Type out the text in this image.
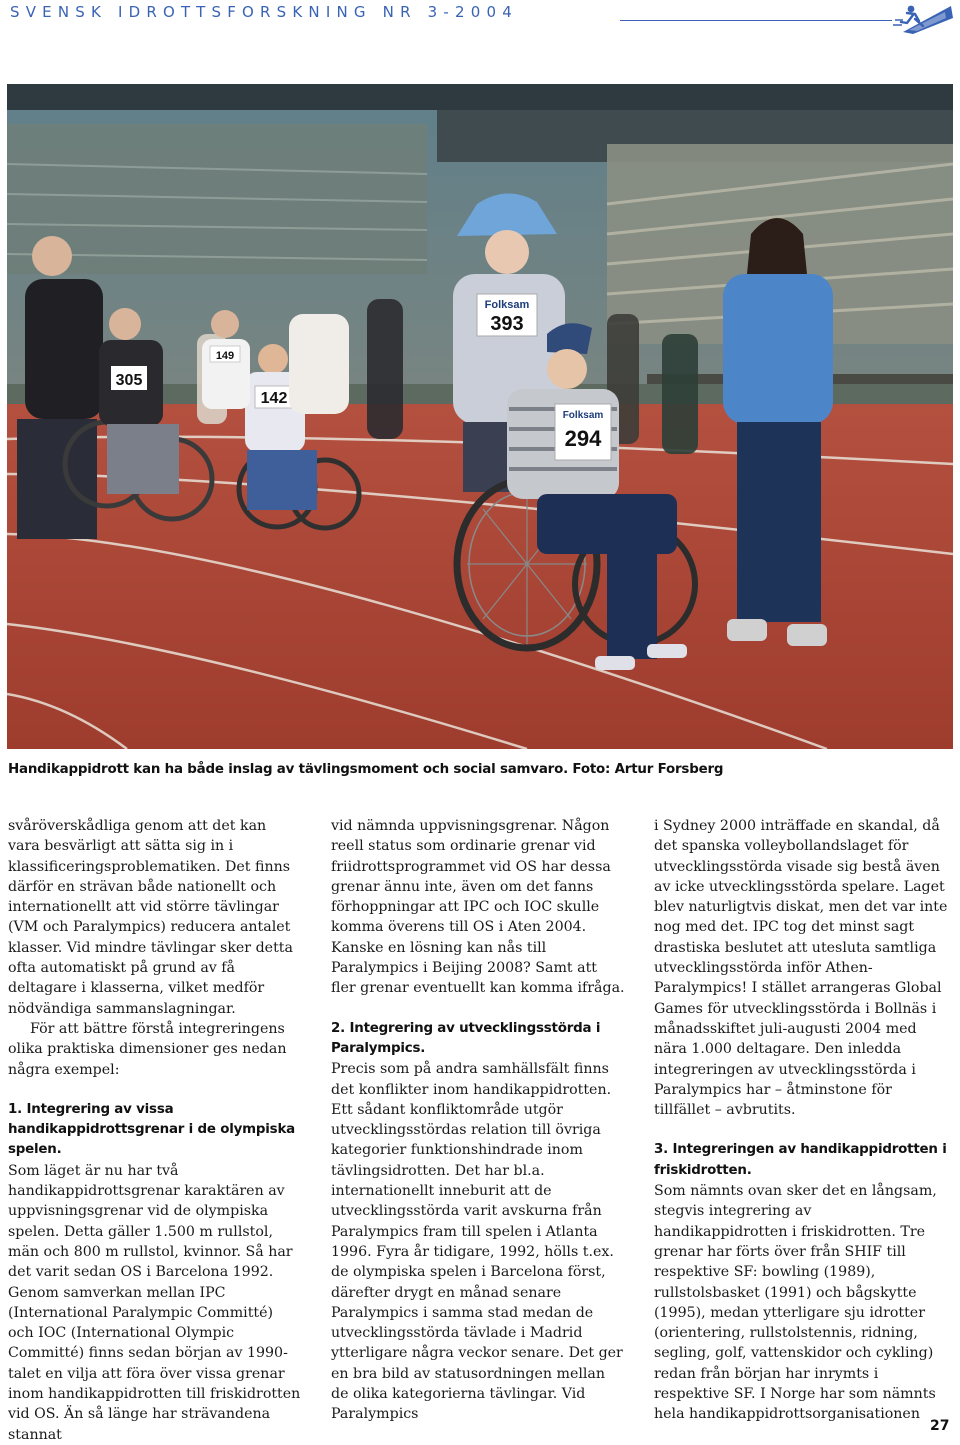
SVENSK IDROTTSFORSKNING NR 3-2004
305
142
149
Folksam
393
Folksam
294
Handikappidrott kan ha både inslag av tävlingsmoment och social samvaro. Foto: Artur Forsberg

svåröverskådliga genom att det kan vara besvärligt att sätta sig in i klassificeringsproblematiken. Det finns därför en strävan både nationellt och internationellt att vid större tävlingar (VM och Paralympics) reducera antalet klasser. Vid mindre tävlingar sker detta ofta automatiskt på grund av få deltagare i klasserna, vilket medför nödvändiga sammanslagningar.

För att bättre förstå integreringens olika praktiska dimensioner ges nedan några exempel:

1. Integrering av vissa handikappidrottsgrenar i de olympiska spelen.

Som läget är nu har två handikappidrottsgrenar karaktären av uppvisningsgrenar vid de olympiska spelen. Detta gäller 1.500 m rullstol, män och 800 m rullstol, kvinnor. Så har det varit sedan OS i Barcelona 1992. Genom samverkan mellan IPC (International Paralympic Committé) och IOC (International Olympic Committé) finns sedan början av 1990-talet en vilja att föra över vissa grenar inom handikappidrotten till friskidrotten vid OS. Än så länge har strävandena stannat

vid nämnda uppvisningsgrenar. Någon reell status som ordinarie grenar vid friidrottsprogrammet vid OS har dessa grenar ännu inte, även om det fanns förhoppningar att IPC och IOC skulle komma överens till OS i Aten 2004. Kanske en lösning kan nås till Paralympics i Beijing 2008? Samt att fler grenar eventuellt kan komma ifråga.

2. Integrering av utvecklingsstörda i Paralympics.

Precis som på andra samhällsfält finns det konflikter inom handikappidrotten. Ett sådant konfliktområde utgör utvecklingsstördas relation till övriga kategorier funktionshindrade inom tävlingsidrotten. Det har bl.a. internationellt inneburit att de utvecklingsstörda varit avskurna från Paralympics fram till spelen i Atlanta 1996. Fyra år tidigare, 1992, hölls t.ex. de olympiska spelen i Barcelona först, därefter drygt en månad senare Paralympics i samma stad medan de utvecklingsstörda tävlade i Madrid ytterligare några veckor senare. Det ger en bra bild av statusordningen mellan de olika kategorierna tävlingar. Vid Paralympics

i Sydney 2000 inträffade en skandal, då det spanska volleybollandslaget för utvecklingsstörda visade sig bestå även av icke utvecklingsstörda spelare. Laget blev naturligtvis diskat, men det var inte nog med det. IPC tog det minst sagt drastiska beslutet att utesluta samtliga utvecklingsstörda inför Athen-Paralympics! I stället arrangeras Global Games för utvecklingsstörda i Bollnäs i månadsskiftet juli-augusti 2004 med nära 1.000 deltagare. Den inledda integreringen av utvecklingsstörda i Paralympics har – åtminstone för tillfället – avbrutits.

3. Integreringen av handikappidrotten i friskidrotten.

Som nämnts ovan sker det en långsam, stegvis integrering av handikappidrotten i friskidrotten. Tre grenar har förts över från SHIF till respektive SF: bowling (1989), rullstolsbasket (1991) och bågskytte (1995), medan ytterligare sju idrotter (orientering, rullstolstennis, ridning, segling, golf, vattenskidor och cykling) redan från början har inrymts i respektive SF. I Norge har som nämnts hela handikappidrottsorganisationen

27
